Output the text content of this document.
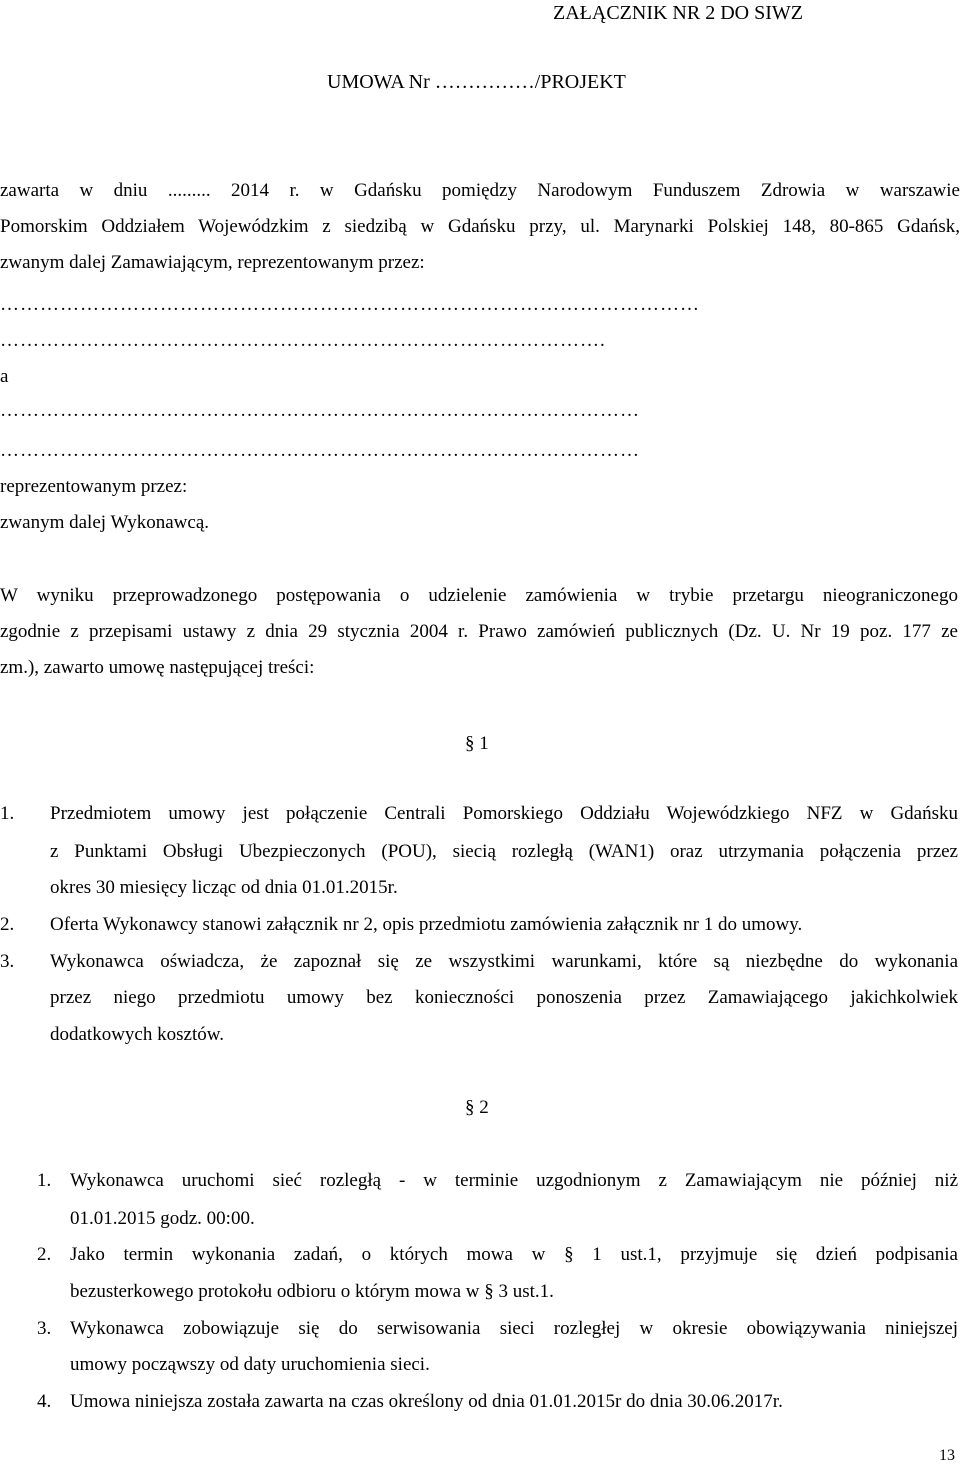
ZAŁĄCZNIK NR 2 DO SIWZ
UMOWA Nr ……………/PROJEKT
zawarta w dniu ......... 2014 r. w Gdańsku pomiędzy Narodowym Funduszem Zdrowia w warszawie
Pomorskim Oddziałem Wojewódzkim z siedzibą w Gdańsku przy, ul. Marynarki Polskiej 148, 80-865 Gdańsk,
zwanym dalej Zamawiającym, reprezentowanym przez:
……………………………………………………………………………………………
……………………………………………………………………………….
a
……………………………………………………………………………………
……………………………………………………………………………………
reprezentowanym przez:
zwanym dalej Wykonawcą.
W wyniku przeprowadzonego postępowania o udzielenie zamówienia w trybie przetargu nieograniczonego
zgodnie z przepisami ustawy z dnia 29 stycznia 2004 r. Prawo zamówień publicznych (Dz. U. Nr 19 poz. 177 ze
zm.), zawarto umowę następującej treści:
§ 1
1. Przedmiotem umowy jest połączenie Centrali Pomorskiego Oddziału Wojewódzkiego NFZ w Gdańsku
z Punktami Obsługi Ubezpieczonych (POU), siecią rozległą (WAN1) oraz utrzymania połączenia przez
okres 30 miesięcy licząc od dnia 01.01.2015r.
2. Oferta Wykonawcy stanowi załącznik nr 2, opis przedmiotu zamówienia załącznik nr 1 do umowy.
3. Wykonawca oświadcza, że zapoznał się ze wszystkimi warunkami, które są niezbędne do wykonania
przez niego przedmiotu umowy bez konieczności ponoszenia przez Zamawiającego jakichkolwiek
dodatkowych kosztów.
§ 2
1. Wykonawca uruchomi sieć rozległą - w terminie uzgodnionym z Zamawiającym nie później niż
01.01.2015 godz. 00:00.
2. Jako termin wykonania zadań, o których mowa w § 1 ust.1, przyjmuje się dzień podpisania
bezusterkowego protokołu odbioru o którym mowa w § 3 ust.1.
3. Wykonawca zobowiązuje się do serwisowania sieci rozległej w okresie obowiązywania niniejszej
umowy począwszy od daty uruchomienia sieci.
4. Umowa niniejsza została zawarta na czas określony od dnia 01.01.2015r do dnia 30.06.2017r.
13
